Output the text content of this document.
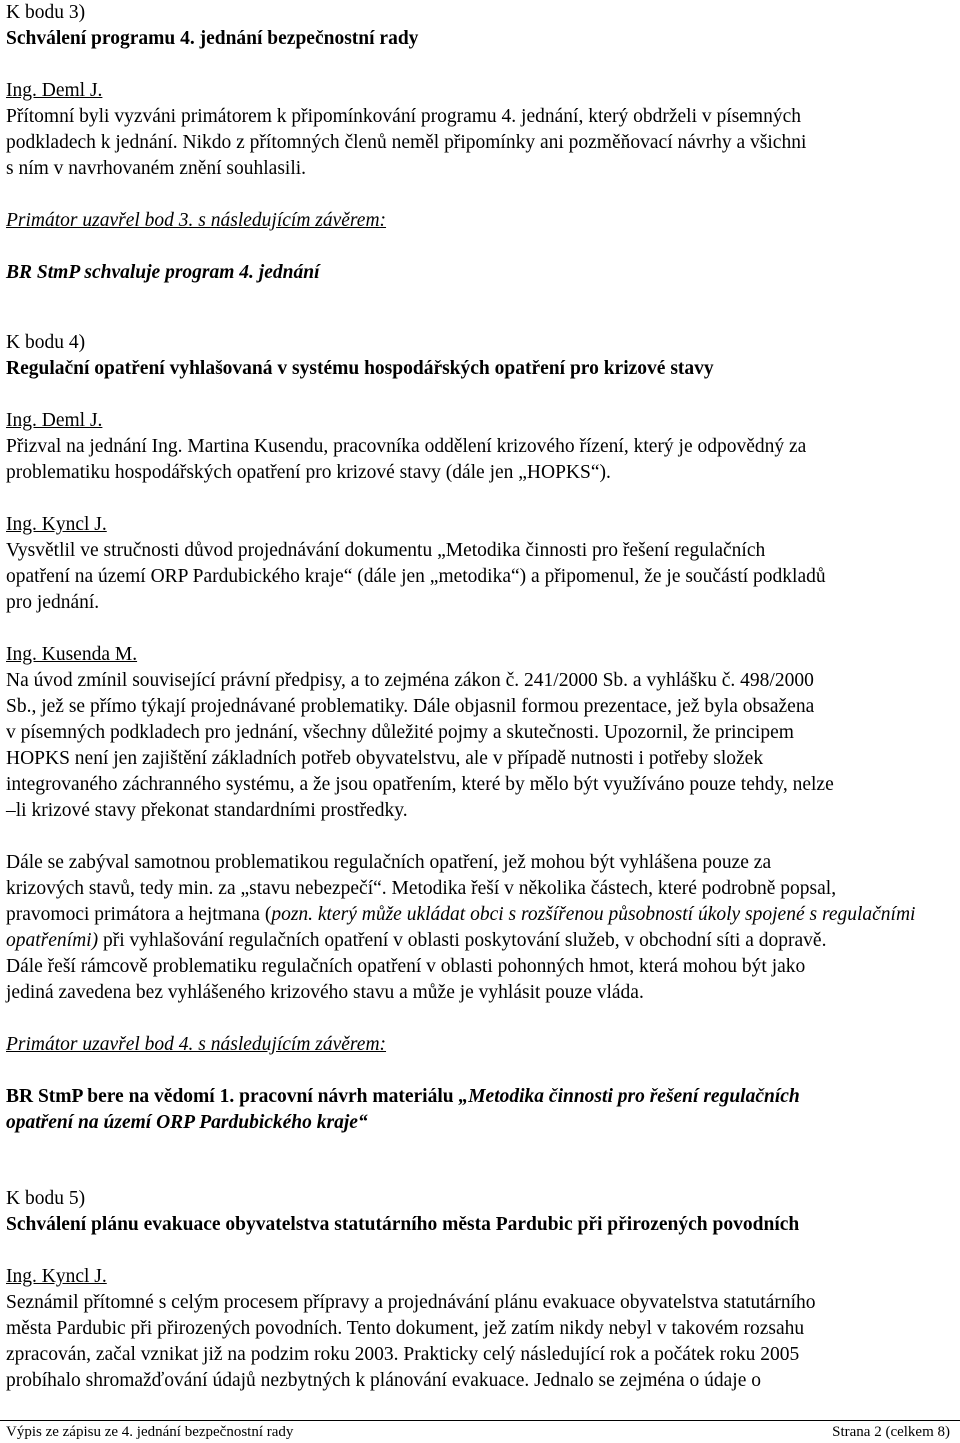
K bodu 3)

Schválení programu 4. jednání bezpečnostní rady

Ing. Deml J.

Přítomní byli vyzváni primátorem k připomínkování programu 4. jednání, který obdrželi v písemných

podkladech k jednání. Nikdo z přítomných členů neměl připomínky ani pozměňovací návrhy a všichni

s ním v navrhovaném znění souhlasili.

Primátor uzavřel bod 3. s následujícím závěrem:

BR StmP schvaluje program 4. jednání

K bodu 4)

Regulační opatření vyhlašovaná v systému hospodářských opatření pro krizové stavy

Ing. Deml J.

Přizval na jednání Ing. Martina Kusendu, pracovníka oddělení krizového řízení, který je odpovědný za

problematiku hospodářských opatření pro krizové stavy (dále jen „HOPKS“).

Ing. Kyncl J.

Vysvětlil ve stručnosti důvod projednávání dokumentu „Metodika činnosti pro řešení regulačních

opatření na území ORP Pardubického kraje“ (dále jen „metodika“) a připomenul, že je součástí podkladů

pro jednání.

Ing. Kusenda M.

Na úvod zmínil související právní předpisy, a to zejména zákon č. 241/2000 Sb. a vyhlášku č. 498/2000

Sb., jež se přímo týkají projednávané problematiky. Dále objasnil formou prezentace, jež byla obsažena

v písemných podkladech pro jednání, všechny důležité pojmy a skutečnosti. Upozornil, že principem

HOPKS není jen zajištění základních potřeb obyvatelstvu, ale v případě nutnosti i potřeby složek

integrovaného záchranného systému, a že jsou opatřením, které by mělo být využíváno pouze tehdy, nelze

–li krizové stavy překonat standardními prostředky.

Dále se zabýval samotnou problematikou regulačních opatření, jež mohou být vyhlášena pouze za

krizových stavů, tedy min. za „stavu nebezpečí“. Metodika řeší v několika částech, které podrobně popsal,

pravomoci primátora a hejtmana (pozn. který může ukládat obci s rozšířenou působností úkoly spojené s regulačními

opatřeními) při vyhlašování regulačních opatření v oblasti poskytování služeb, v obchodní síti a dopravě.

Dále řeší rámcově problematiku regulačních opatření v oblasti pohonných hmot, která mohou být jako

jediná zavedena bez vyhlášeného krizového stavu a může je vyhlásit pouze vláda.

Primátor uzavřel bod 4. s následujícím závěrem:

BR StmP bere na vědomí 1. pracovní návrh materiálu „Metodika činnosti pro řešení regulačních

opatření na území ORP Pardubického kraje“

K bodu 5)

Schválení plánu evakuace obyvatelstva statutárního města Pardubic při přirozených povodních

Ing. Kyncl J.

Seznámil přítomné s celým procesem přípravy a projednávání plánu evakuace obyvatelstva statutárního

města Pardubic při přirozených povodních. Tento dokument, jež zatím nikdy nebyl v takovém rozsahu

zpracován, začal vznikat již na podzim roku 2003. Prakticky celý následující rok a počátek roku 2005

probíhalo shromažďování údajů nezbytných k plánování evakuace. Jednalo se zejména o údaje o

Výpis ze zápisu ze 4. jednání bezpečnostní rady	Strana 2 (celkem 8)
